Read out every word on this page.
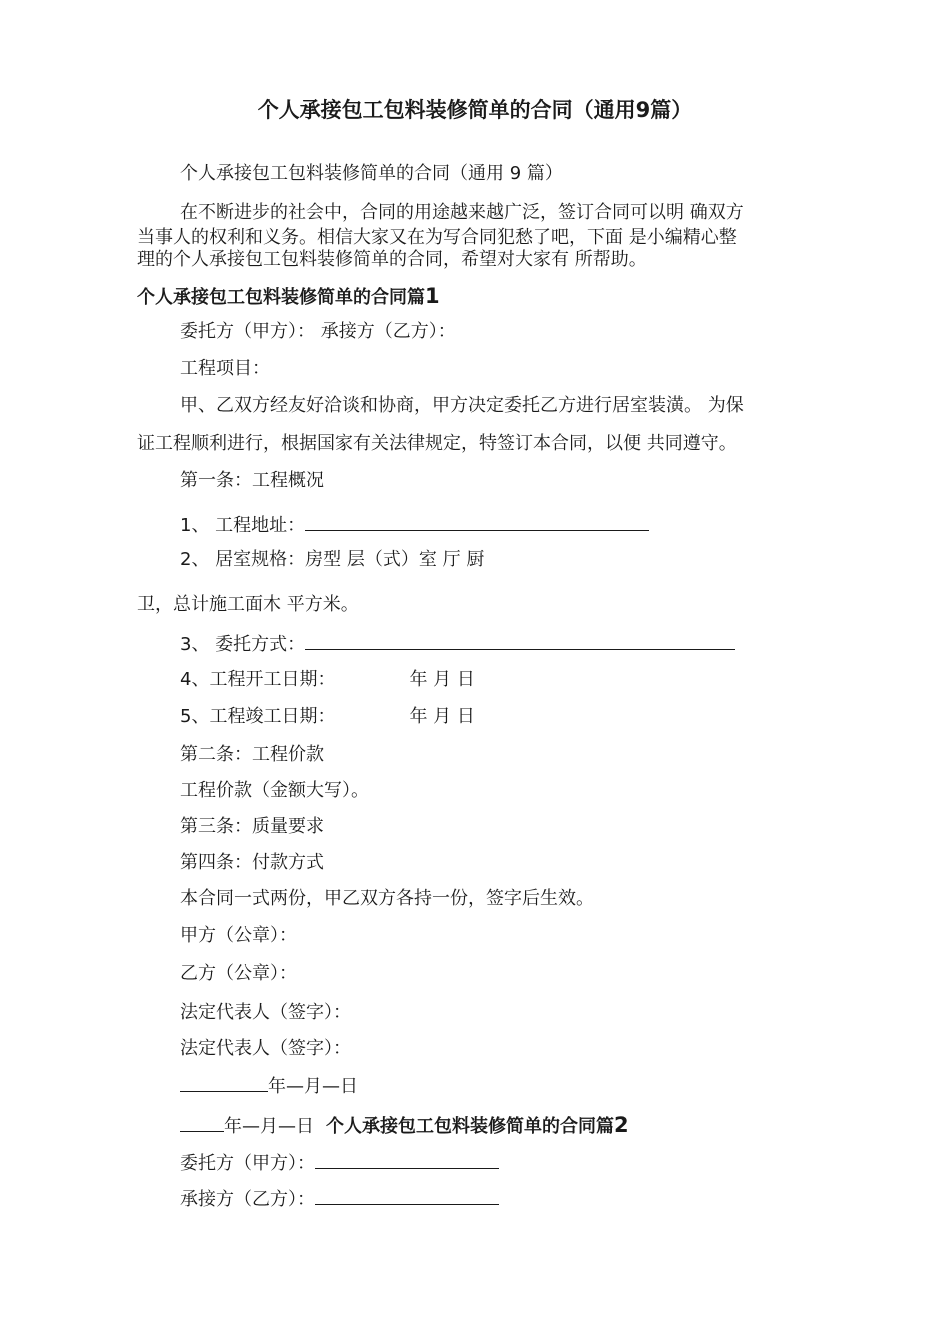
个人承接包工包料装修简单的合同（通用9篇）
个人承接包工包料装修简单的合同（通用 9 篇）
在不断进步的社会中，合同的用途越来越广泛，签订合同可以明 确双方
当事人的权利和义务。相信大家又在为写合同犯愁了吧，下面 是小编精心整
理的个人承接包工包料装修简单的合同，希望对大家有 所帮助。
个人承接包工包料装修简单的合同篇1
委托方（甲方）： 承接方（乙方）：
工程项目：
甲、乙双方经友好洽谈和协商，甲方决定委托乙方进行居室装潢。 为保
证工程顺利进行，根据国家有关法律规定，特签订本合同，以便 共同遵守。
第一条：工程概况
1、 工程地址：
2、 居室规格：房型 层（式）室 厅 厨
卫，总计施工面木 平方米。
3、 委托方式：
4、工程开工日期：	年 月 日
5、工程竣工日期：	年 月 日
第二条：工程价款
工程价款（金额大写）。
第三条：质量要求
第四条：付款方式
本合同一式两份，甲乙双方各持一份，签字后生效。
甲方（公章）：
乙方（公章）：
法定代表人（签字）：
法定代表人（签字）：
年—月—日
年—月—日 个人承接包工包料装修简单的合同篇2
委托方（甲方）：
承接方（乙方）：
